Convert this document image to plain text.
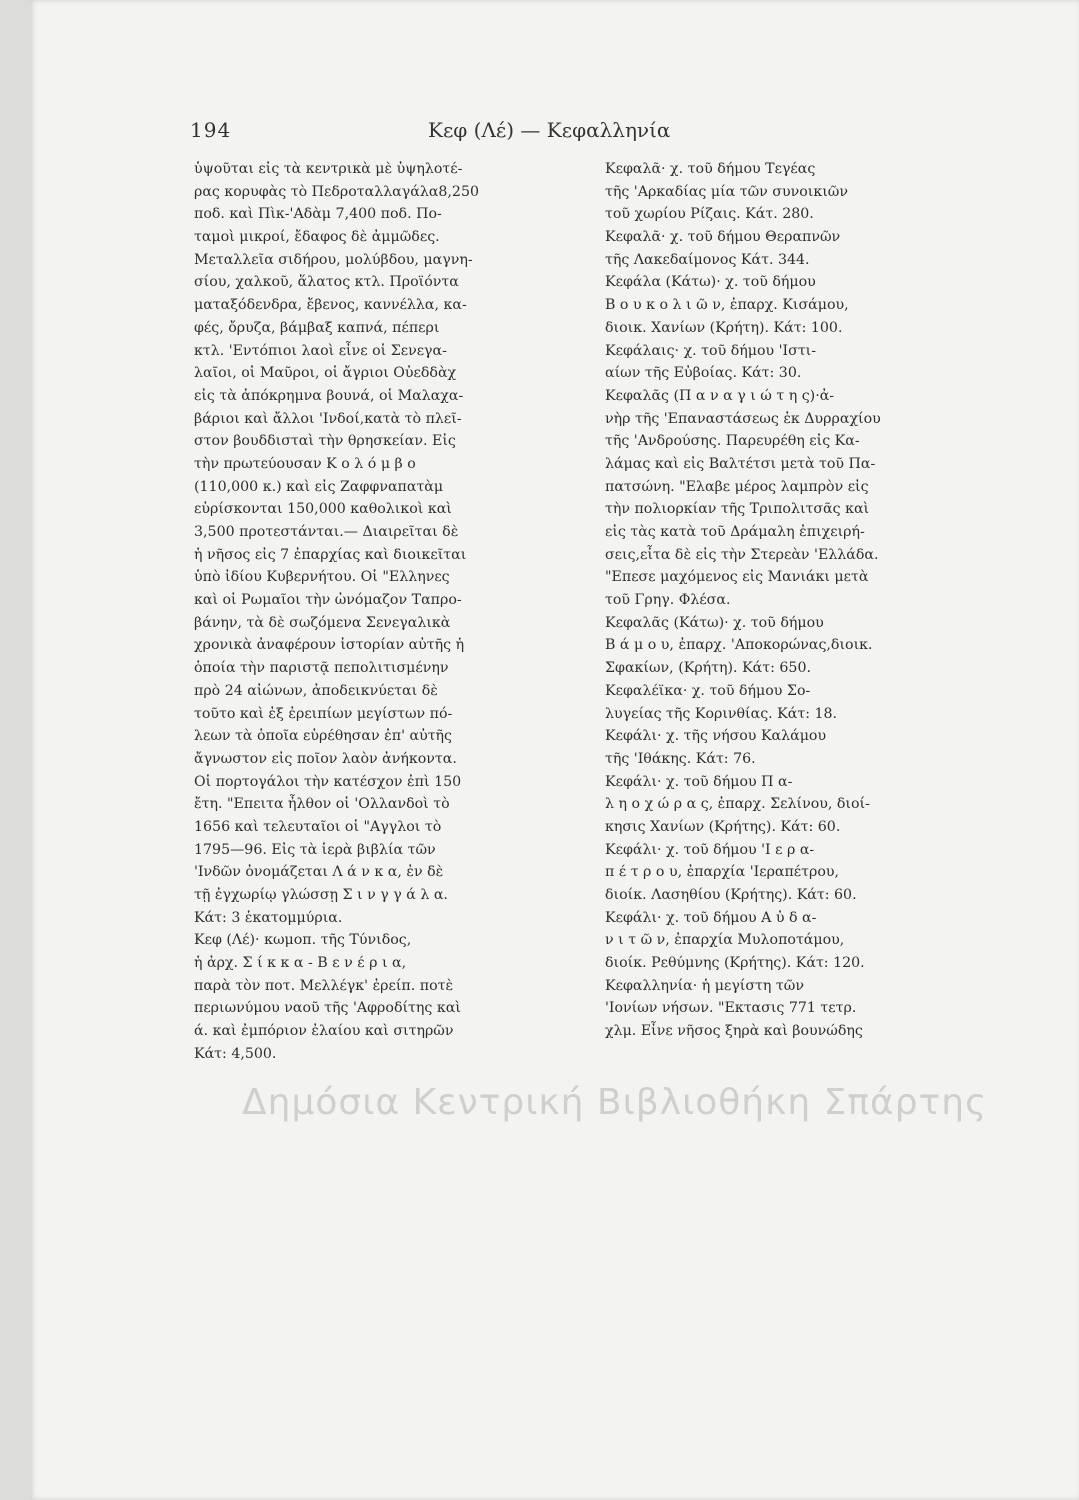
194	Κεφ (Λέ) — Κεφαλληνία
ὑψοῦται εἰς τὰ κεντρικὰ μὲ ὑψηλοτέ-
ρας κορυφὰς τὸ Πεδροταλλαγάλα8,250
ποδ. καὶ Πὶκ-'Αδὰμ 7,400 ποδ. Πο-
ταμοὶ μικροί, ἔδαφος δὲ ἀμμῶδες.
Μεταλλεῖα σιδήρου, μολύβδου, μαγνη-
σίου, χαλκοῦ, ἅλατος κτλ. Προϊόντα
ματαξόδενδρα, ἔβενος, καννέλλα, κα-
φές, ὄρυζα, βάμβαξ καπνά, πέπερι
κτλ. 'Εντόπιοι λαοὶ εἶνε οἱ Σενεγα-
λαῖοι, οἱ Μαῦροι, οἱ ἄγριοι Οὐεδδὰχ
εἰς τὰ ἀπόκρημνα βουνά, οἱ Μαλαχα-
βάριοι καὶ ἄλλοι 'Ινδοί,κατὰ τὸ πλεῖ-
στον βουδδισταὶ τὴν θρησκείαν. Εἰς
τὴν πρωτεύουσαν Κ ο λ ό μ β ο
(110,000 κ.) καὶ εἰς Ζαφφναπατὰμ
εὑρίσκονται 150,000 καθολικοὶ καὶ
3,500 προτεστάνται.— Διαιρεῖται δὲ
ἡ νῆσος εἰς 7 ἐπαρχίας καὶ διοικεῖται
ὑπὸ ἰδίου Κυβερνήτου. Οἱ "Ελληνες
καὶ οἱ Ρωμαῖοι τὴν ὠνόμαζον Ταπρο-
βάνην, τὰ δὲ σωζόμενα Σενεγαλικὰ
χρονικὰ ἀναφέρουν ἱστορίαν αὐτῆς ἡ
ὁποία τὴν παριστᾷ πεπολιτισμένην
πρὸ 24 αἰώνων, ἀποδεικνύεται δὲ
τοῦτο καὶ ἐξ ἐρειπίων μεγίστων πό-
λεων τὰ ὁποῖα εὑρέθησαν ἐπ' αὐτῆς
ἄγνωστον εἰς ποῖον λαὸν ἀνήκοντα.
Οἱ πορτογάλοι τὴν κατέσχον ἐπὶ 150
ἔτη. "Επειτα ἦλθον οἱ 'Ολλανδοὶ τὸ
1656 καὶ τελευταῖοι οἱ "Αγγλοι τὸ
1795—96. Εἰς τὰ ἱερὰ βιβλία τῶν
'Ινδῶν ὀνομάζεται Λ ά ν κ α, ἐν δὲ
τῇ ἐγχωρίῳ γλώσσῃ Σ ι ν γ γ ά λ α.
Κάτ: 3 ἑκατομμύρια.
Κεφ (Λέ)· κωμοπ. τῆς Τύνιδος,
ἡ ἀρχ. Σ ί κ κ α - Β ε ν έ ρ ι α,
παρὰ τὸν ποτ. Μελλέγκ' ἐρείπ. ποτὲ
περιωνύμου ναοῦ τῆς 'Αφροδίτης καὶ
ά. καὶ ἐμπόριον ἐλαίου καὶ σιτηρῶν
Κάτ: 4,500.
Κεφαλᾶ· χ. τοῦ δήμου Τεγέας
τῆς 'Αρκαδίας μία τῶν συνοικιῶν
τοῦ χωρίου Ρίζαις. Κάτ. 280.
Κεφαλᾶ· χ. τοῦ δήμου Θεραπνῶν
τῆς Λακεδαίμονος Κάτ. 344.
Κεφάλα (Κάτω)· χ. τοῦ δήμου
Β ο υ κ ο λ ι ῶ ν, ἐπαρχ. Κισάμου,
διοικ. Χανίων (Κρήτη). Κάτ: 100.
Κεφάλαις· χ. τοῦ δήμου 'Ιστι-
αίων τῆς Εὐβοίας. Κάτ: 30.
Κεφαλᾶς (Π α ν α γ ι ώ τ η ς)·ἀ-
νὴρ τῆς 'Επαναστάσεως ἐκ Δυρραχίου
τῆς 'Ανδρούσης. Παρευρέθη εἰς Κα-
λάμας καὶ εἰς Βαλτέτσι μετὰ τοῦ Πα-
πατσώνη. "Ελαβε μέρος λαμπρὸν εἰς
τὴν πολιορκίαν τῆς Τριπολιτσᾶς καὶ
εἰς τὰς κατὰ τοῦ Δράμαλη ἐπιχειρή-
σεις,εἶτα δὲ εἰς τὴν Στερεὰν 'Ελλάδα.
"Επεσε μαχόμενος εἰς Μανιάκι μετὰ
τοῦ Γρηγ. Φλέσα.
Κεφαλᾶς (Κάτω)· χ. τοῦ δήμου
Β ά μ ο υ, ἐπαρχ. 'Αποκορώνας,διοικ.
Σφακίων, (Κρήτη). Κάτ: 650.
Κεφαλέϊκα· χ. τοῦ δήμου Σο-
λυγείας τῆς Κορινθίας. Κάτ: 18.
Κεφάλι· χ. τῆς νήσου Καλάμου
τῆς 'Ιθάκης. Κάτ: 76.
Κεφάλι· χ. τοῦ δήμου Π α-
λ η ο χ ώ ρ α ς, ἐπαρχ. Σελίνου, διοί-
κησις Χανίων (Κρήτης). Κάτ: 60.
Κεφάλι· χ. τοῦ δήμου 'Ι ε ρ α-
π έ τ ρ ο υ, ἐπαρχία 'Ιεραπέτρου,
διοίκ. Λασηθίου (Κρήτης). Κάτ: 60.
Κεφάλι· χ. τοῦ δήμου Α ὐ δ α-
ν ι τ ῶ ν, ἐπαρχία Μυλοποτάμου,
διοίκ. Ρεθύμνης (Κρήτης). Κάτ: 120.
Κεφαλληνία· ἡ μεγίστη τῶν
'Ιονίων νήσων. "Εκτασις 771 τετρ.
χλμ. Εἶνε νῆσος ξηρὰ καὶ βουνώδης
Δημόσια Κεντρική Βιβλιοθήκη Σπάρτης
